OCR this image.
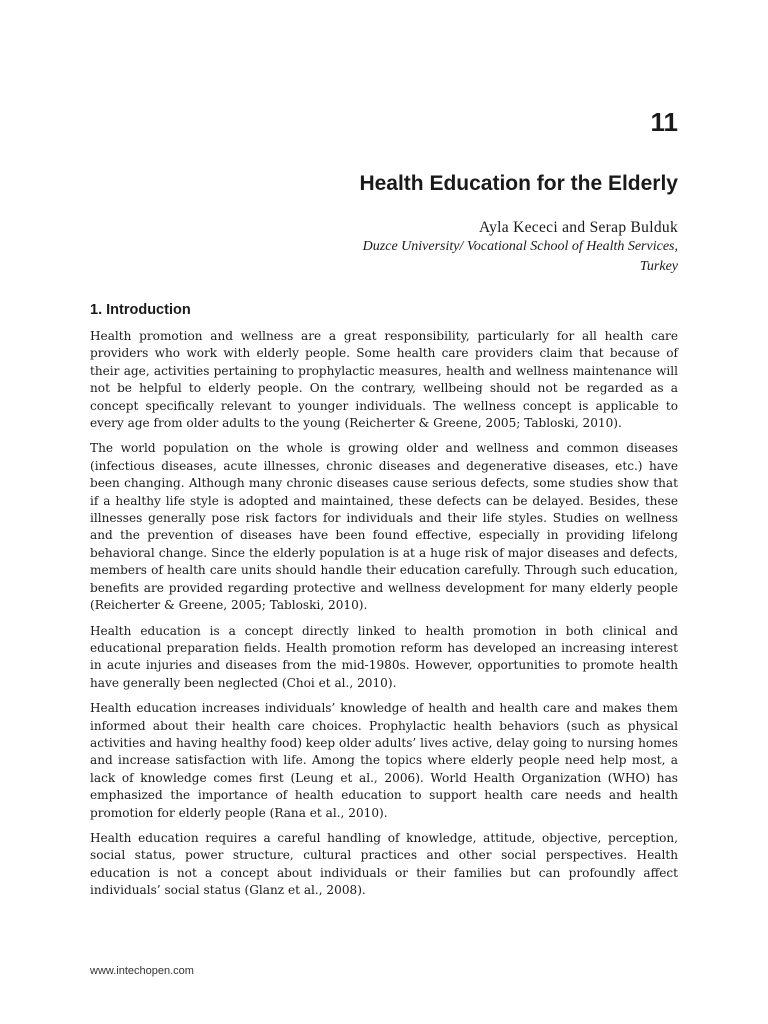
11
Health Education for the Elderly
Ayla Kececi and Serap Bulduk
Duzce University/ Vocational School of Health Services,
Turkey
1. Introduction

Health promotion and wellness are a great responsibility, particularly for all health care providers who work with elderly people. Some health care providers claim that because of their age, activities pertaining to prophylactic measures, health and wellness maintenance will not be helpful to elderly people. On the contrary, wellbeing should not be regarded as a concept specifically relevant to younger individuals. The wellness concept is applicable to every age from older adults to the young (Reicherter & Greene, 2005; Tabloski, 2010).

The world population on the whole is growing older and wellness and common diseases (infectious diseases, acute illnesses, chronic diseases and degenerative diseases, etc.) have been changing. Although many chronic diseases cause serious defects, some studies show that if a healthy life style is adopted and maintained, these defects can be delayed. Besides, these illnesses generally pose risk factors for individuals and their life styles. Studies on wellness and the prevention of diseases have been found effective, especially in providing lifelong behavioral change. Since the elderly population is at a huge risk of major diseases and defects, members of health care units should handle their education carefully. Through such education, benefits are provided regarding protective and wellness development for many elderly people (Reicherter & Greene, 2005; Tabloski, 2010).

Health education is a concept directly linked to health promotion in both clinical and educational preparation fields. Health promotion reform has developed an increasing interest in acute injuries and diseases from the mid-1980s. However, opportunities to promote health have generally been neglected (Choi et al., 2010).

Health education increases individuals’ knowledge of health and health care and makes them informed about their health care choices. Prophylactic health behaviors (such as physical activities and having healthy food) keep older adults’ lives active, delay going to nursing homes and increase satisfaction with life. Among the topics where elderly people need help most, a lack of knowledge comes first (Leung et al., 2006). World Health Organization (WHO) has emphasized the importance of health education to support health care needs and health promotion for elderly people (Rana et al., 2010).

Health education requires a careful handling of knowledge, attitude, objective, perception, social status, power structure, cultural practices and other social perspectives. Health education is not a concept about individuals or their families but can profoundly affect individuals’ social status (Glanz et al., 2008).

www.intechopen.com
